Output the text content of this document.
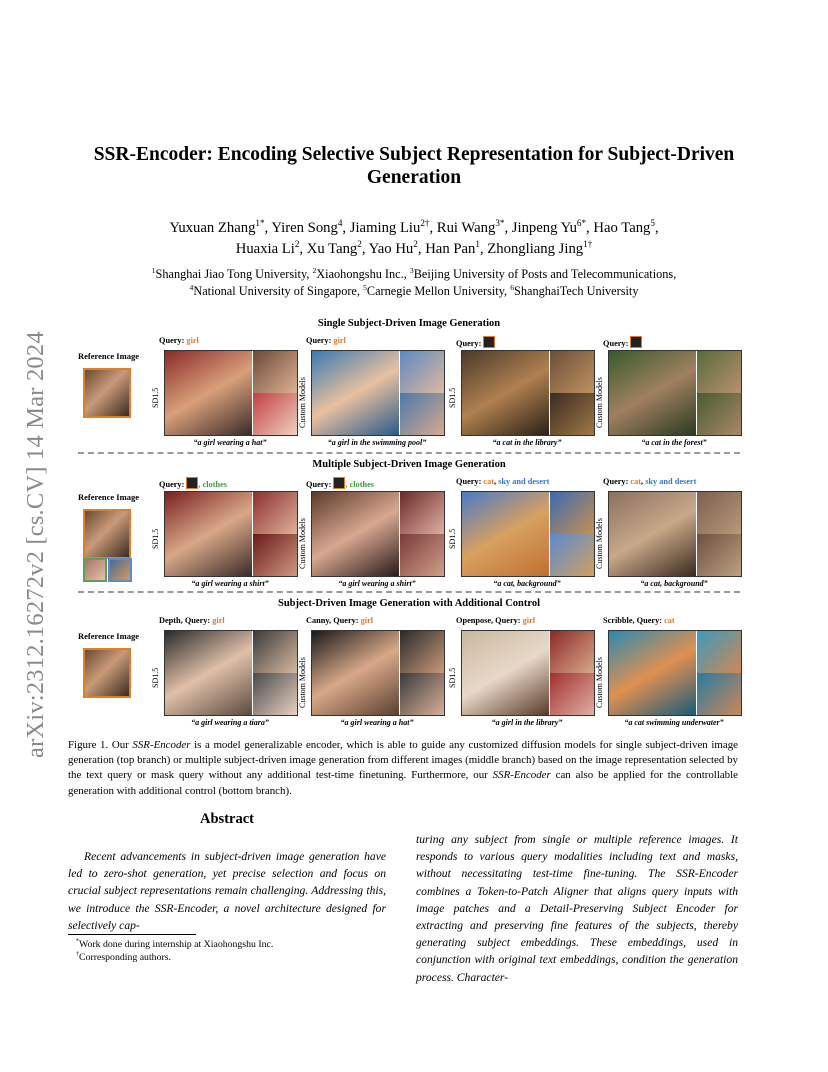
arXiv:2312.16272v2 [cs.CV] 14 Mar 2024
SSR-Encoder: Encoding Selective Subject Representation for Subject-Driven Generation
Yuxuan Zhang$^{1*}$, Yiren Song$^4$, Jiaming Liu$^{2\dagger}$, Rui Wang$^{3*}$, Jinpeng $Yu^{6*}$, Hao Tang$^5$,
Huaxia Li$^2$, Xu Tang$^2$, Yao Hu$^2$, Han Pan$^1$, Zhongliang Jing$^{1\dagger}$
$^1$Shanghai Jiao Tong University, $^2$Xiaohongshu Inc., $^3$Beijing University of Posts and Telecommunications,
$^4$National University of Singapore, $^5$Carnegie Mellon University, $^6$ShanghaiTech University
Single Subject-Driven Image Generation
Reference Image
Query: girl
SD1.5
“a girl wearing a hat”
Query: girl
Custom Models
“a girl in the swimming pool”
Query:
SD1.5
“a cat in the library”
Query:
Custom Models
“a cat in the forest”
Multiple Subject-Driven Image Generation
Reference Image
Query: , clothes
SD1.5
“a girl wearing a shirt”
Query: , clothes
Custom Models
“a girl wearing a shirt”
Query: cat, sky and desert
SD1.5
“a cat, background”
Query: cat, sky and desert
Custom Models
“a cat, background”
Subject-Driven Image Generation with Additional Control
Reference Image
Depth, Query: girl
SD1.5
“a girl wearing a tiara”
Canny, Query: girl
Custom Models
“a girl wearing a hat”
Openpose, Query: girl
SD1.5
“a girl in the library”
Scribble, Query: cat
Custom Models
“a cat swimming underwater”
Figure 1. Our SSR-Encoder is a model generalizable encoder, which is able to guide any customized diffusion models for single subject-driven image generation (top branch) or multiple subject-driven image generation from different images (middle branch) based on the image representation selected by the text query or mask query without any additional test-time finetuning. Furthermore, our SSR-Encoder can also be applied for the controllable generation with additional control (bottom branch).
Abstract

Recent advancements in subject-driven image generation have led to zero-shot generation, yet precise selection and focus on crucial subject representations remain challenging. Addressing this, we introduce the SSR-Encoder, a novel architecture designed for selectively cap-

turing any subject from single or multiple reference images. It responds to various query modalities including text and masks, without necessitating test-time fine-tuning. The SSR-Encoder combines a Token-to-Patch Aligner that aligns query inputs with image patches and a Detail-Preserving Subject Encoder for extracting and preserving fine features of the subjects, thereby generating subject embeddings. These embeddings, used in conjunction with original text embeddings, condition the generation process. Character-

*Work done during internship at Xiaohongshu Inc.
†Corresponding authors.
